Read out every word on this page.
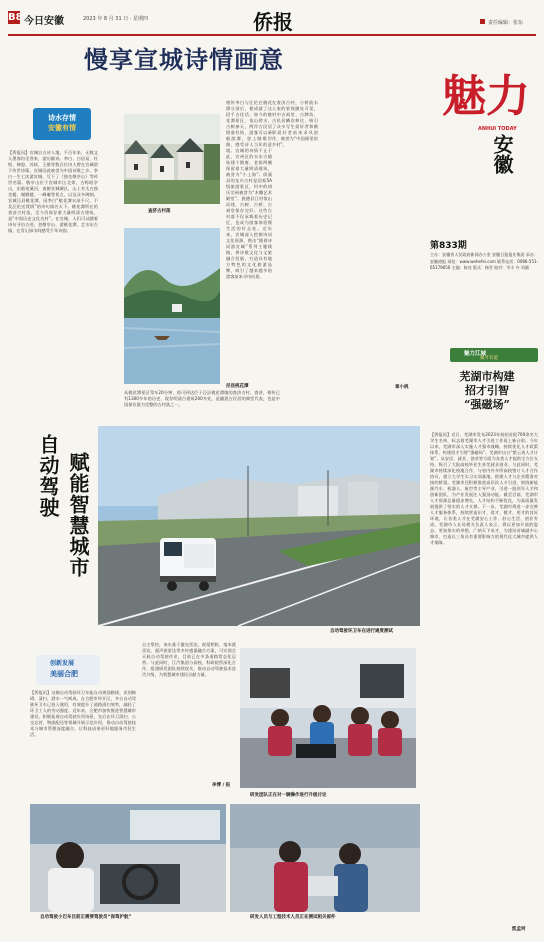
B8 今日安徽	2023 年 8 月 31 日 · 星期四	侨报	责任编辑：张东
慢享宣城诗情画意
诗水存情
安徽有情
【侨报讯】宣城自古诗人地，千百年来，无数文人墨客纷至沓来，游历赋诗。李白、白居易、杜牧、韩愈、苏轼、王维等数百位诗人曾在宣城留下传世诗篇，宣城因此被誉为中国诗歌之乡。李白一生七次游宣城，写下了《独坐敬亭山》等传世名篇。敬亭山位于宣城市区北郊，古称昭亭山，东临宛溪河，南俯宣城城区，山上有太白独坐楼、谢朓楼、一峰庵等景点，以及众多碑刻。宣城泾县桃花潭，因李白“桃花潭水深千尺，不及汪伦送我情”的诗句闻名天下。桃花潭所在的查济古村落，至今仍保存着大量明清古建筑，是“中国历史文化名村”。在宣城，人们可以随着诗句寻访古迹，登敬亭山、游桃花潭、走水东古镇，在青山绿水间感受千年诗韵。
查济古村落
泾县桃花潭
相传李白与汪伦在桃花潭分别后，便成就了这段千古佳话。如今的桃花潭景区，依山傍水，古树参天，两岸古民居错落有致，游客可以乘船游潭，登上踏歌岸阁，感受诗人当年的意境。宣城的诗情不止于此，宣州区的水东古镇始建于隋唐，老街两侧保留着大量明清建筑，被誉为“小上海”；绩溪县的龙川古村是国家5A级旅游景区，村中的胡氏宗祠被誉为“木雕艺术殿堂”。旌德县江村依山而建，古树、古桥、古祠堂保存完好。这些古村落不仅承载着历史记忆，也成为游客体验慢生活的好去处。近年来，宣城深入挖掘诗词文化资源，推出“跟着诗词游宣城”系列主题线路，将诗歌文化与文旅融合发展，打造具有地方特色的文化旅游品牌，吸引了越来越多的游客前来寻诗问景。
在查济古村，小桥流水人家的景致随处可见，村中古祠堂、古牌坊、古民居鳞次栉比，吸引了众多写生爱好者和摄影爱好者前来采风创作，被誉为“中国画里的乡村”。
从桃花潭景区驾车20分钟，即可到达位于泾县桃花潭镇的查济古村。查济，相传已有1300多年的历史，现存明清古建筑200多处，是徽派古民居的典型代表，也是中国保存最为完整的古村落之一。
章小桃
魅力
ANHUI TODAY
安徽
第833期
主办：安徽省人民政府新闻办公室 安徽日报报业集团 承办：安徽商报 网址：www.wehefei.com 联系电话：0086-551-65179656 主编：陈亮 版式：杨雪 校对：韦丰 卉 刘湘
魅力江城
聚才有道
芜湖市构建
招才引智
“强磁场”
【侨报讯】近日，芜湖市发布2023年校招首批700余名大学生名单，标志着芜湖市人才引进工作再上新台阶。今年以来，芜湖市深入实施人才强市战略，持续优化人才政策体系，构建招才引智“强磁场”。芜湖市出台“紫云英人才计划”，从安居、就业、创业等方面为各类人才提供全方位支持，吸引了大批高校毕业生来芜就业创业。与此同时，芜湖市持续深化校地合作，与省内外多所高校签订人才合作协议，建立大学生实习实训基地，搭建人才与企业精准对接的桥梁。芜湖市还积极推进高层次人才引进，围绕新能源汽车、机器人、航空等主导产业，引进一批领军人才和创新团队，为产业发展注入强劲动能。截至目前，芜湖市人才资源总量稳步增长，人才结构不断优化，为高质量发展提供了坚实的人才支撑。下一步，芜湖市将进一步完善人才服务体系，持续营造识才、爱才、敬才、用才的良好环境，让各类人才在芜湖安心工作、舒心生活、创业有成。芜湖市人社局相关负责人表示，将以更加开放的姿态、更加务实的举措，广纳天下英才，为建设省域副中心城市、打造长三角具有重要影响力的现代化大城市提供人才保障。
凯孟珂
自动驾驶 赋能智慧城市
自动驾驶环卫车在进行通度测试
创新发展
美丽合肥
【侨报讯】这辆自动驾驶环卫车能自动规划路线、识别障碍，清扫、洒水一气呵成。在合肥市经开区，多台自动驾驶环卫车已投入使用，有效提升了道路清扫效率，减轻了环卫工人的劳动强度。近年来，合肥市加快推进智慧城市建设，积极拓展自动驾驶应用场景，先后在环卫清扫、公交运营、物流配送等领域开展示范应用，推动自动驾驶技术与城市管理深度融合，让科技成果更好地服务市民生活。
自主掌控，该车基于激光雷达、视觉相机、毫米波雷达、超声波雷达等多传感器融合方案，可实现全天候自动驾驶作业，目前已在多条道路常态化运营。与此同时，江汽集团与高校、科研院所深化合作，组建研发团队持续攻关，推动自动驾驶技术迭代升级，为智慧城市建设贡献力量。
李博 / 报
研发团队正在对一辆操作进行升级讨论
自动驾驶小巴车目前正需要驾驶员“保驾护航”	研发人员与工程技术人员正在测试相关部件
